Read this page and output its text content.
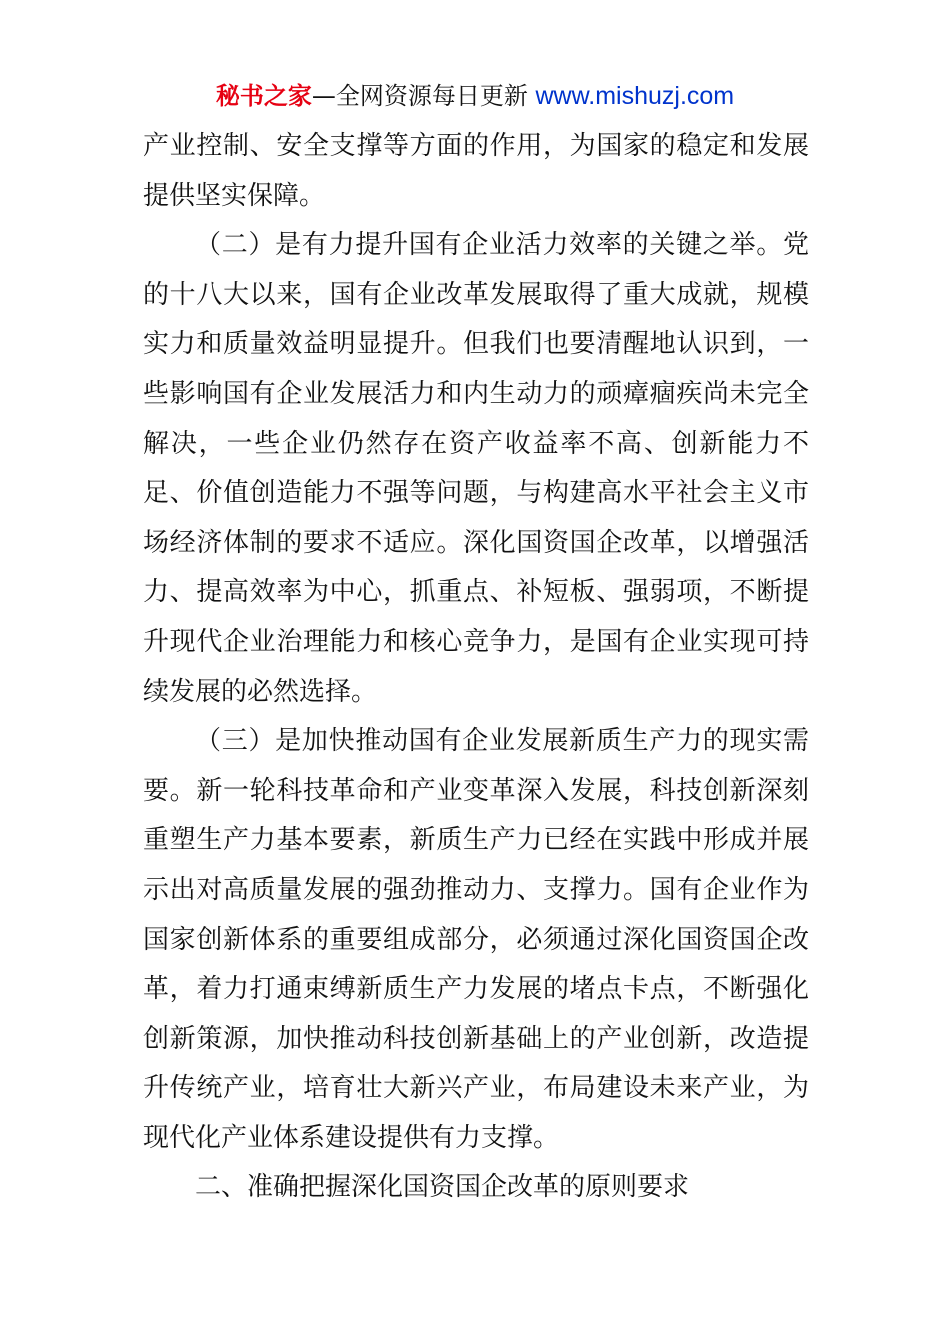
秘书之家—全网资源每日更新 www.mishuzj.com
产业控制、安全支撑等方面的作用，为国家的稳定和发展
提供坚实保障。
（二）是有力提升国有企业活力效率的关键之举。党
的十八大以来，国有企业改革发展取得了重大成就，规模
实力和质量效益明显提升。但我们也要清醒地认识到，一
些影响国有企业发展活力和内生动力的顽瘴痼疾尚未完全
解决，一些企业仍然存在资产收益率不高、创新能力不
足、价值创造能力不强等问题，与构建高水平社会主义市
场经济体制的要求不适应。深化国资国企改革，以增强活
力、提高效率为中心，抓重点、补短板、强弱项，不断提
升现代企业治理能力和核心竞争力，是国有企业实现可持
续发展的必然选择。
（三）是加快推动国有企业发展新质生产力的现实需
要。新一轮科技革命和产业变革深入发展，科技创新深刻
重塑生产力基本要素，新质生产力已经在实践中形成并展
示出对高质量发展的强劲推动力、支撑力。国有企业作为
国家创新体系的重要组成部分，必须通过深化国资国企改
革，着力打通束缚新质生产力发展的堵点卡点，不断强化
创新策源，加快推动科技创新基础上的产业创新，改造提
升传统产业，培育壮大新兴产业，布局建设未来产业，为
现代化产业体系建设提供有力支撑。
二、准确把握深化国资国企改革的原则要求
